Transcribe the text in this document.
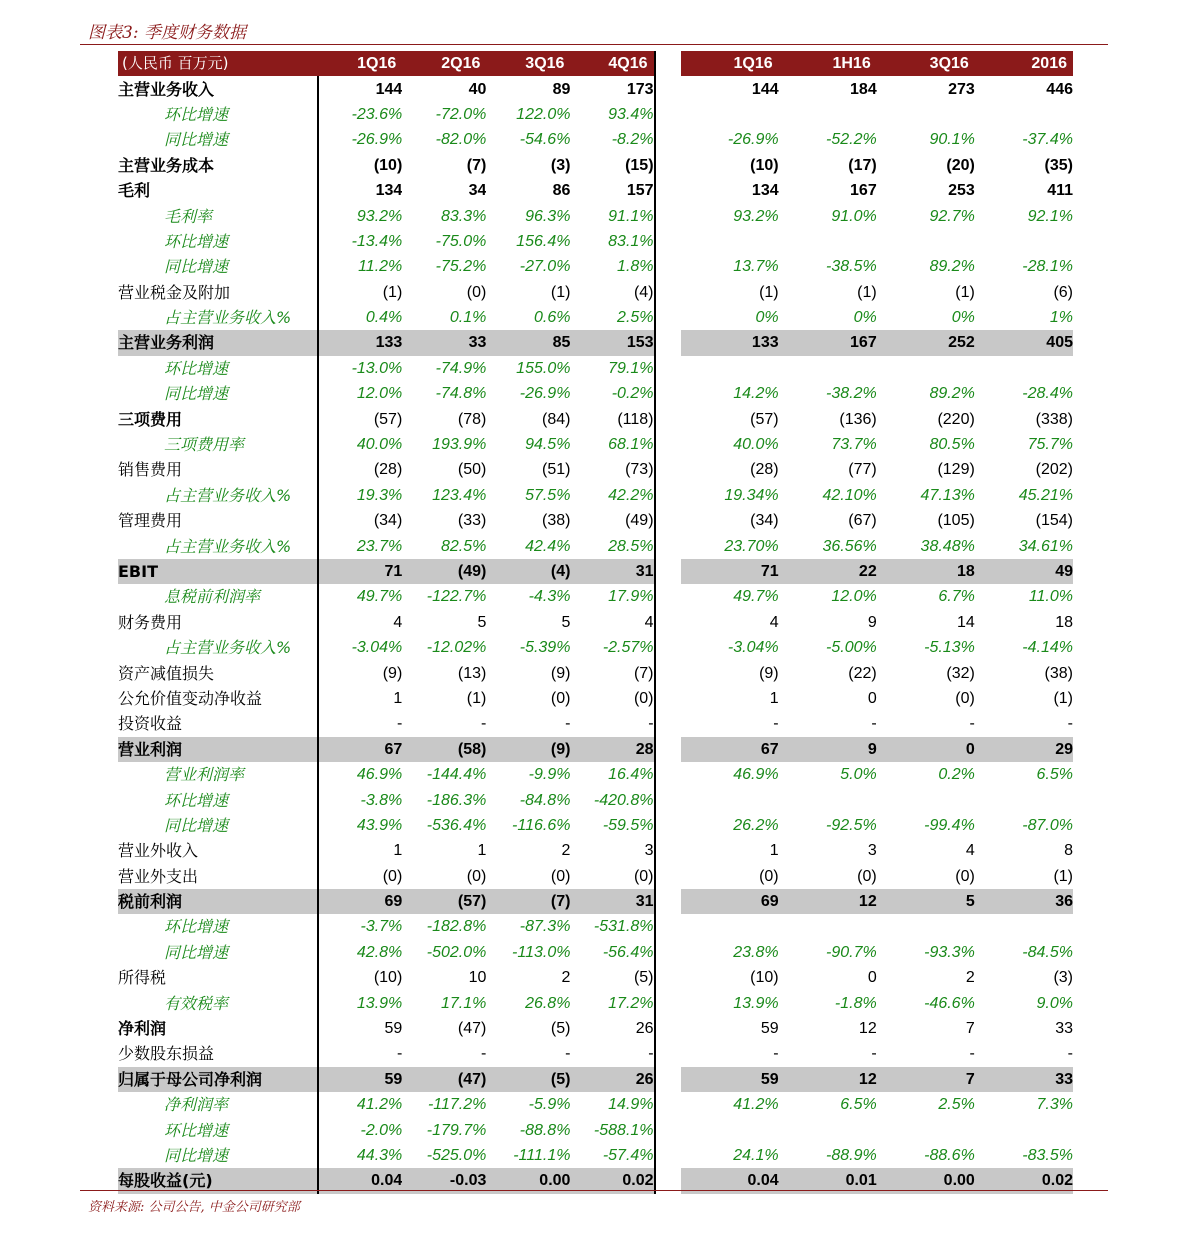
图表3: 季度财务数据
(人民币 百万元)	1Q16	2Q16	3Q16	4Q16		1Q16	1H16	3Q16	2016
主营业务收入	144	40	89	173		144	184	273	446
环比增速	-23.6%	-72.0%	122.0%	93.4%					
同比增速	-26.9%	-82.0%	-54.6%	-8.2%		-26.9%	-52.2%	90.1%	-37.4%
主营业务成本	(10)	(7)	(3)	(15)		(10)	(17)	(20)	(35)
毛利	134	34	86	157		134	167	253	411
毛利率	93.2%	83.3%	96.3%	91.1%		93.2%	91.0%	92.7%	92.1%
环比增速	-13.4%	-75.0%	156.4%	83.1%					
同比增速	11.2%	-75.2%	-27.0%	1.8%		13.7%	-38.5%	89.2%	-28.1%
营业税金及附加	(1)	(0)	(1)	(4)		(1)	(1)	(1)	(6)
占主营业务收入%	0.4%	0.1%	0.6%	2.5%		0%	0%	0%	1%
主营业务利润	133	33	85	153		133	167	252	405
环比增速	-13.0%	-74.9%	155.0%	79.1%					
同比增速	12.0%	-74.8%	-26.9%	-0.2%		14.2%	-38.2%	89.2%	-28.4%
三项费用	(57)	(78)	(84)	(118)		(57)	(136)	(220)	(338)
三项费用率	40.0%	193.9%	94.5%	68.1%		40.0%	73.7%	80.5%	75.7%
销售费用	(28)	(50)	(51)	(73)		(28)	(77)	(129)	(202)
占主营业务收入%	19.3%	123.4%	57.5%	42.2%		19.34%	42.10%	47.13%	45.21%
管理费用	(34)	(33)	(38)	(49)		(34)	(67)	(105)	(154)
占主营业务收入%	23.7%	82.5%	42.4%	28.5%		23.70%	36.56%	38.48%	34.61%
EBIT	71	(49)	(4)	31		71	22	18	49
息税前利润率	49.7%	-122.7%	-4.3%	17.9%		49.7%	12.0%	6.7%	11.0%
财务费用	4	5	5	4		4	9	14	18
占主营业务收入%	-3.04%	-12.02%	-5.39%	-2.57%		-3.04%	-5.00%	-5.13%	-4.14%
资产减值损失	(9)	(13)	(9)	(7)		(9)	(22)	(32)	(38)
公允价值变动净收益	1	(1)	(0)	(0)		1	0	(0)	(1)
投资收益	-	-	-	-		-	-	-	-
营业利润	67	(58)	(9)	28		67	9	0	29
营业利润率	46.9%	-144.4%	-9.9%	16.4%		46.9%	5.0%	0.2%	6.5%
环比增速	-3.8%	-186.3%	-84.8%	-420.8%					
同比增速	43.9%	-536.4%	-116.6%	-59.5%		26.2%	-92.5%	-99.4%	-87.0%
营业外收入	1	1	2	3		1	3	4	8
营业外支出	(0)	(0)	(0)	(0)		(0)	(0)	(0)	(1)
税前利润	69	(57)	(7)	31		69	12	5	36
环比增速	-3.7%	-182.8%	-87.3%	-531.8%					
同比增速	42.8%	-502.0%	-113.0%	-56.4%		23.8%	-90.7%	-93.3%	-84.5%
所得税	(10)	10	2	(5)		(10)	0	2	(3)
有效税率	13.9%	17.1%	26.8%	17.2%		13.9%	-1.8%	-46.6%	9.0%
净利润	59	(47)	(5)	26		59	12	7	33
少数股东损益	-	-	-	-		-	-	-	-
归属于母公司净利润	59	(47)	(5)	26		59	12	7	33
净利润率	41.2%	-117.2%	-5.9%	14.9%		41.2%	6.5%	2.5%	7.3%
环比增速	-2.0%	-179.7%	-88.8%	-588.1%					
同比增速	44.3%	-525.0%	-111.1%	-57.4%		24.1%	-88.9%	-88.6%	-83.5%
每股收益(元)	0.04	-0.03	0.00	0.02		0.04	0.01	0.00	0.02
资料来源: 公司公告, 中金公司研究部
